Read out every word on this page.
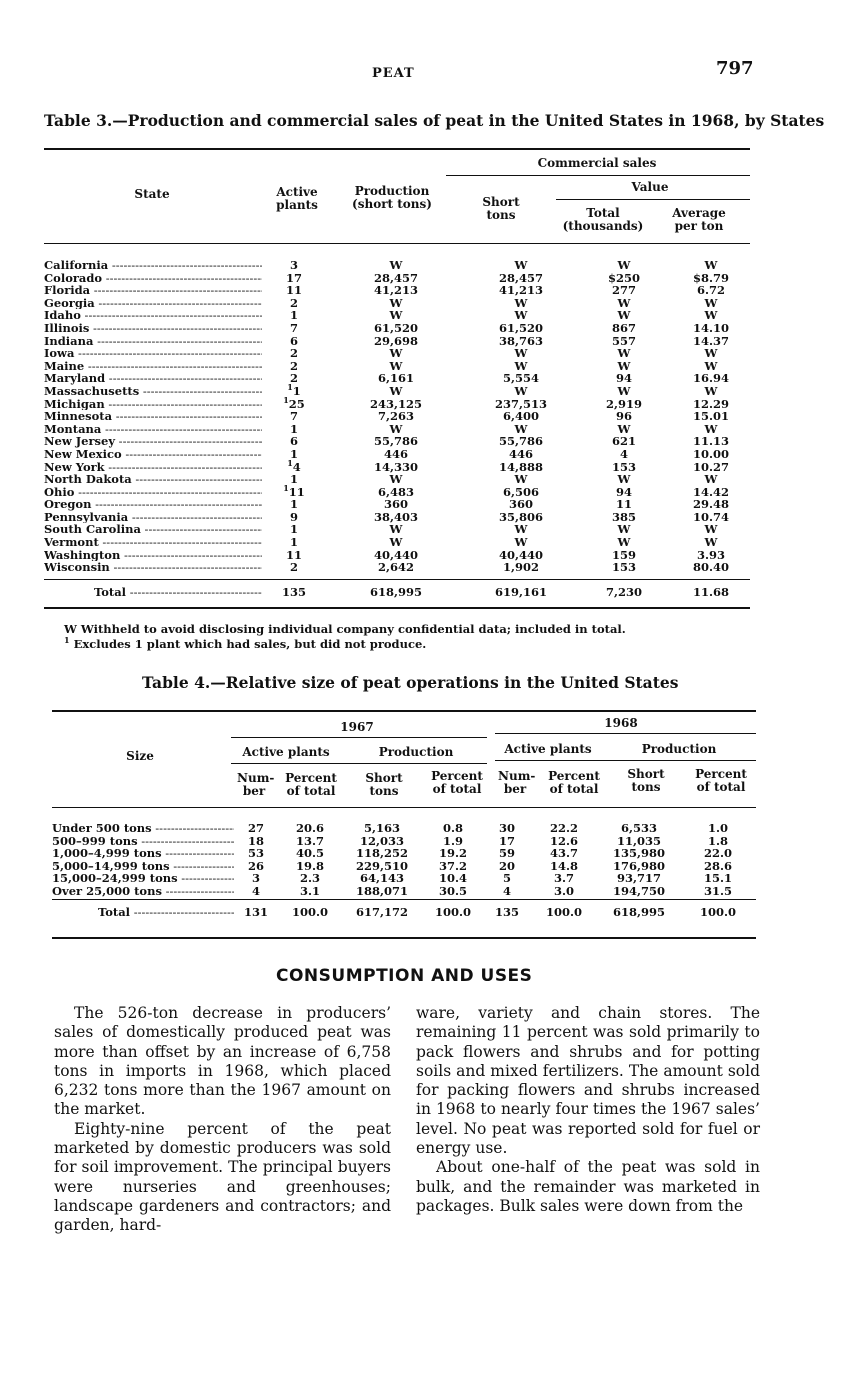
PEAT	797
Table 3.—Production and commercial sales of peat in the United States in 1968, by States
State	Active plants
Production (short tons)
Commercial sales
Short tons
Value
Total (thousands)
Average per ton
California -----	3	W	W	W	W
Colorado -----	17	28,457	28,457	$250	$8.79
Florida -----	11	41,213	41,213	277	6.72
Georgia -----	2	W	W	W	W
Idaho -----	1	W	W	W	W
Illinois -----	7	61,520	61,520	867	14.10
Indiana -----	6	29,698	38,763	557	14.37
Iowa -----	2	W	W	W	W
Maine -----	2	W	W	W	W
Maryland -----	2	6,161	5,554	94	16.94
Massachusetts -----	$^1$1	W	W	W	W
Michigan -----	$^1$25	243,125	237,513	2,919	12.29
Minnesota -----	7	7,263	6,400	96	15.01
Montana -----	1	W	W	W	W
New Jersey -----	6	55,786	55,786	621	11.13
New Mexico -----	1	446	446	4	10.00
New York -----	$^1$4	14,330	14,888	153	10.27
North Dakota -----	1	W	W	W	W
Ohio -----	$^1$11	6,483	6,506	94	14.42
Oregon -----	1	360	360	11	29.48
Pennsylvania -----	9	38,403	35,806	385	10.74
South Carolina -----	1	W	W	W	W
Vermont -----	1	W	W	W	W
Washington -----	11	40,440	40,440	159	3.93
Wisconsin -----	2	2,642	1,902	153	80.40
Total -----	135	618,995	619,161	7,230	11.68
W Withheld to avoid disclosing individual company confidential data; included in total.
$^1$ Excludes 1 plant which had sales, but did not produce.
Table 4.—Relative size of peat operations in the United States
Size
1967	1968
Active plants	Production	Active plants	Production
Num- ber
Percent of total
Short tons
Percent of total
Num- ber
Percent of total
Short tons
Percent of total
Under 500 tons -----	27	20.6	5,163	0.8	30	22.2	6,533	1.0
500–999 tons -----	18	13.7	12,033	1.9	17	12.6	11,035	1.8
1,000–4,999 tons -----	53	40.5	118,252	19.2	59	43.7	135,980	22.0
5,000–14,999 tons -----	26	19.8	229,510	37.2	20	14.8	176,980	28.6
15,000–24,999 tons -----	3	2.3	64,143	10.4	5	3.7	93,717	15.1
Over 25,000 tons -----	4	3.1	188,071	30.5	4	3.0	194,750	31.5
Total -----	131	100.0	617,172	100.0	135	100.0	618,995	100.0
CONSUMPTION AND USES

The 526-ton decrease in producers’ sales of domestically produced peat was more than offset by an increase of 6,758 tons in imports in 1968, which placed 6,232 tons more than the 1967 amount on the market.

Eighty-nine percent of the peat marketed by domestic producers was sold for soil improvement. The principal buyers were nurseries and greenhouses; landscape gardeners and contractors; and garden, hard-

ware, variety and chain stores. The remaining 11 percent was sold primarily to pack flowers and shrubs and for potting soils and mixed fertilizers. The amount sold for packing flowers and shrubs increased in 1968 to nearly four times the 1967 sales’ level. No peat was reported sold for fuel or energy use.

About one-half of the peat was sold in bulk, and the remainder was marketed in packages. Bulk sales were down from the
